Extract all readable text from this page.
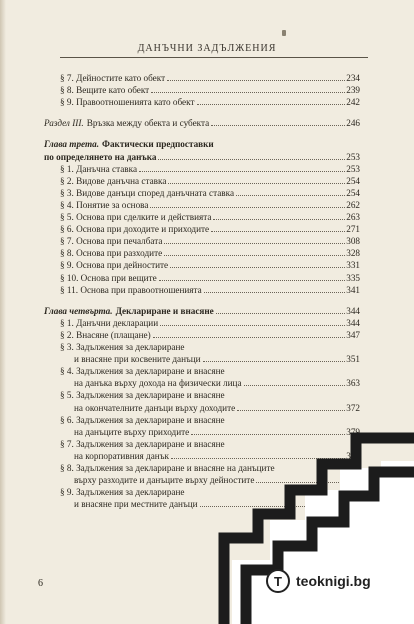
ДАНЪЧНИ ЗАДЪЛЖЕНИЯ
§ 7. Дейностите като обект	234
§ 8. Вещите като обект	239
§ 9. Правоотношенията като обект	242
Раздел III. Връзка между обекта и субекта	246
Глава трета. Фактически предпоставки
по определянето на данъка	253
§ 1. Данъчна ставка	253
§ 2. Видове данъчна ставка	254
§ 3. Видове данъци според данъчната ставка	254
§ 4. Понятие за основа	262
§ 5. Основа при сделките и действията	263
§ 6. Основа при доходите и приходите	271
§ 7. Основа при печалбата	308
§ 8. Основа при разходите	328
§ 9. Основа при дейностите	331
§ 10. Основа при вещите	335
§ 11. Основа при правоотношенията	341
Глава четвърта. Деклариране и внасяне	344
§ 1. Данъчни декларации	344
§ 2. Внасяне (плащане)	347
§ 3. Задължения за деклариране
и внасяне при косвените данъци	351
§ 4. Задължения за деклариране и внасяне
на данъка върху дохода на физически лица	363
§ 5. Задължения за деклариране и внасяне
на окончателните данъци върху доходите	372
§ 6. Задължения за деклариране и внасяне
на данъците върху приходите	379
§ 7. Задължения за деклариране и внасяне
на корпоративния данък	381
§ 8. Задължения за деклариране и внасяне на данъците
върху разходите и данъците върху дейностите
§ 9. Задължения за деклариране
и внасяне при местните данъци
6	T	teoknigi.bg
